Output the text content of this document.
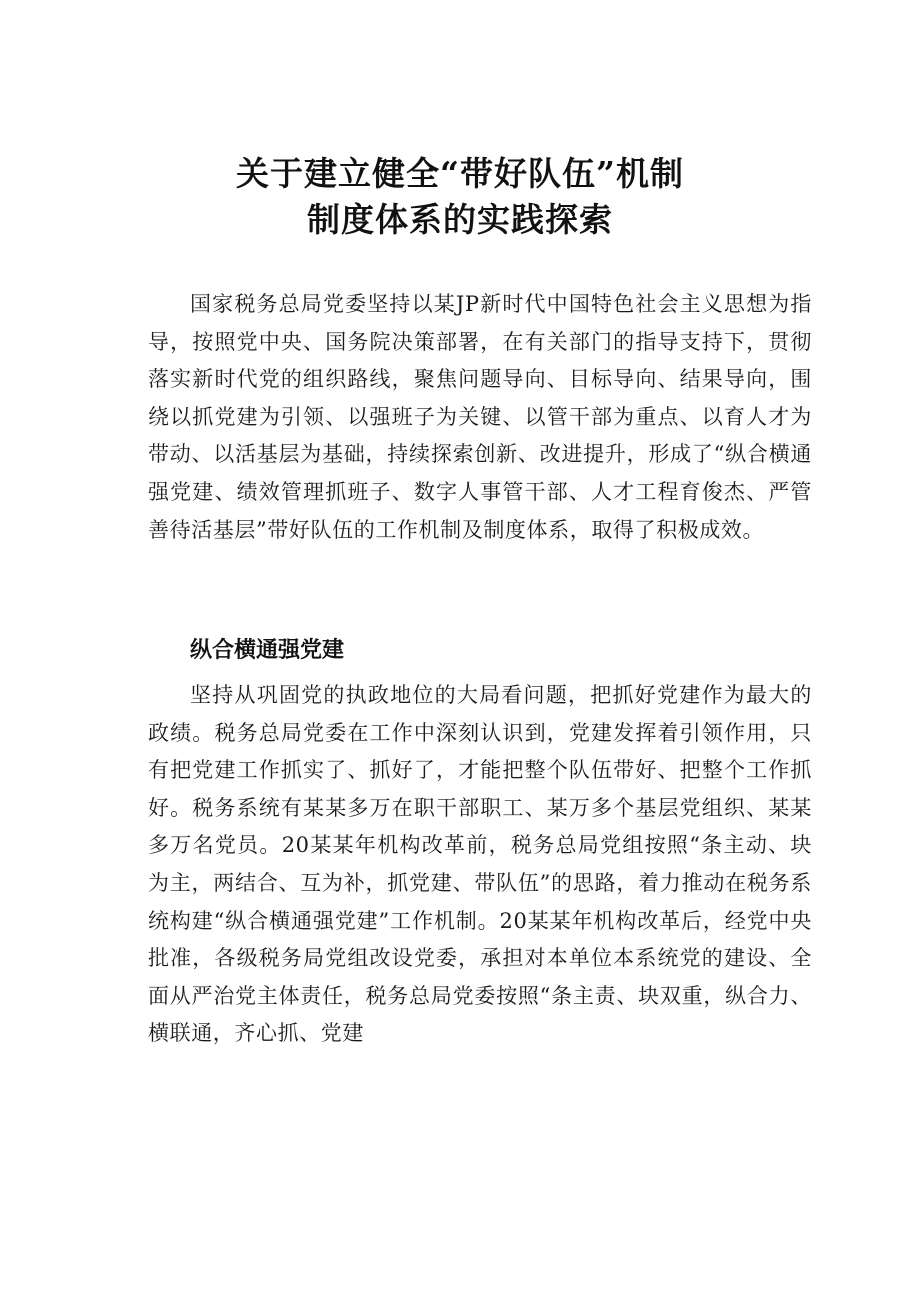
关于建立健全“带好队伍”机制
制度体系的实践探索

国家税务总局党委坚持以某JP新时代中国特色社会主义思想为指导，按照党中央、国务院决策部署，在有关部门的指导支持下，贯彻落实新时代党的组织路线，聚焦问题导向、目标导向、结果导向，围绕以抓党建为引领、以强班子为关键、以管干部为重点、以育人才为带动、以活基层为基础，持续探索创新、改进提升，形成了“纵合横通强党建、绩效管理抓班子、数字人事管干部、人才工程育俊杰、严管善待活基层”带好队伍的工作机制及制度体系，取得了积极成效。

纵合横通强党建

坚持从巩固党的执政地位的大局看问题，把抓好党建作为最大的政绩。税务总局党委在工作中深刻认识到，党建发挥着引领作用，只有把党建工作抓实了、抓好了，才能把整个队伍带好、把整个工作抓好。税务系统有某某多万在职干部职工、某万多个基层党组织、某某多万名党员。20某某年机构改革前，税务总局党组按照“条主动、块为主，两结合、互为补，抓党建、带队伍”的思路，着力推动在税务系统构建“纵合横通强党建”工作机制。20某某年机构改革后，经党中央批准，各级税务局党组改设党委，承担对本单位本系统党的建设、全面从严治党主体责任，税务总局党委按照“条主责、块双重，纵合力、横联通，齐心抓、党建
